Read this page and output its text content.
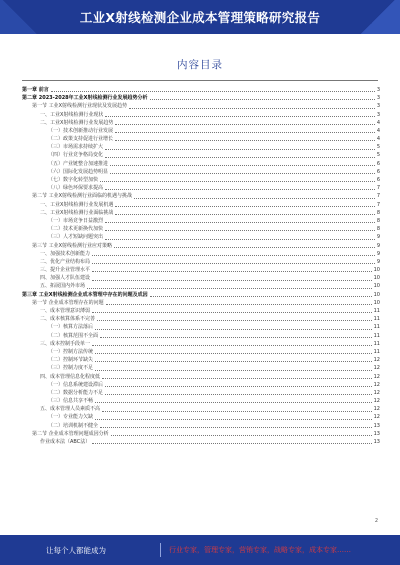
工业X射线检测企业成本管理策略研究报告
内容目录
第一章 前言	3
第二章 2023-2028年工业X射线检测行业发展趋势分析	3
第一节 工业X射线检测行业现状及发展趋势	3
一、工业X射线检测行业现状	3
二、工业X射线检测行业发展趋势	4
（一）技术创新推动行业发展	4
（二）政策支持促进行业增长	4
（三）市场需求持续扩大	5
（四）行业竞争格局变化	5
（五）产业链整合加速推进	6
（六）国际化发展趋势明显	6
（七）数字化转型加快	6
（八）绿色环保要求提高	7
第二节 工业X射线检测行业面临的机遇与挑战	7
一、工业X射线检测行业发展机遇	7
二、工业X射线检测行业面临挑战	8
（一）市场竞争日益激烈	8
（二）技术更新换代加快	8
（三）人才短缺问题突出	9
第三节 工业X射线检测行业应对策略	9
一、加强技术创新能力	9
二、优化产业结构布局	9
三、提升企业管理水平	10
四、加强人才队伍建设	10
五、拓展国内外市场	10
第三章 工业X射线检测企业成本管理中存在的问题及成因	10
第一节 企业成本管理存在的问题	10
一、成本管理意识薄弱	11
二、成本核算体系不完善	11
（一）核算方法落后	11
（二）核算范围不全面	11
三、成本控制手段单一	11
（一）控制方法传统	11
（二）控制环节缺失	12
（三）控制力度不足	12
四、成本管理信息化程度低	12
（一）信息系统建设滞后	12
（二）数据分析能力不足	12
（三）信息共享不畅	12
五、成本管理人员素质不高	12
（一）专业能力欠缺	12
（二）培训机制不健全	13
第二节 企业成本管理问题成因分析	13
作业成本法（ABC法）	13
2
让每个人都能成为	行业专家，管理专家，营销专家，战略专家，成本专家……
